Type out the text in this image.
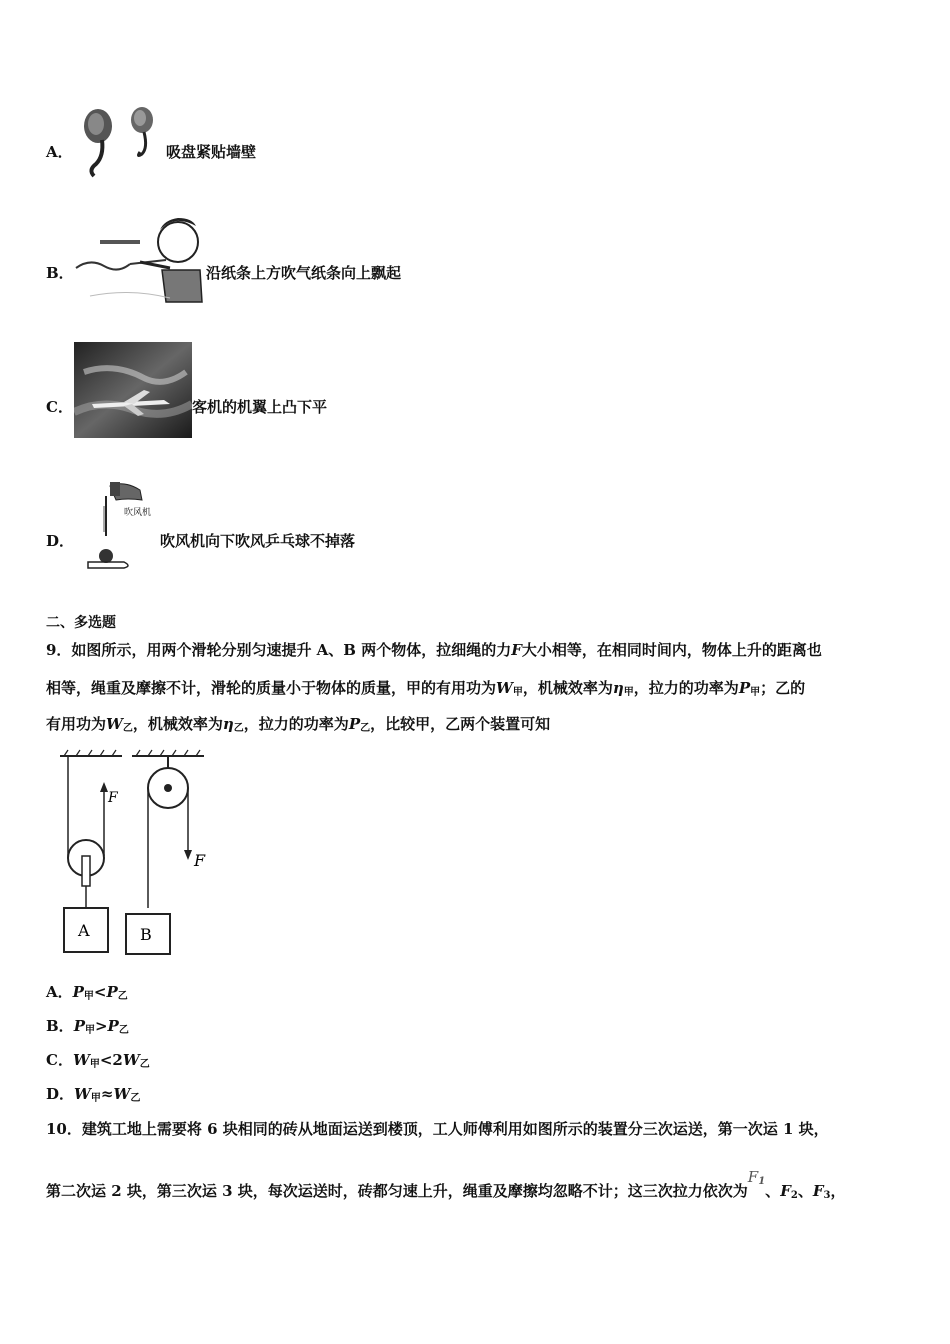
A．	吸盘紧贴墙壁
B．	沿纸条上方吹气纸条向上飘起
C．	客机的机翼上凸下平
D．
吹风机
吹风机向下吹风乒乓球不掉落
二、多选题
9．如图所示，用两个滑轮分别匀速提升 A、B 两个物体，拉细绳的力F大小相等，在相同时间内，物体上升的距离也
相等，绳重及摩擦不计，滑轮的质量小于物体的质量，甲的有用功为$W_甲$，机械效率为$\eta_甲$，拉力的功率为$P_甲$；乙的
有用功为$W_乙$，机械效率为$\eta_乙$，拉力的功率为$P_乙$，比较甲，乙两个装置可知
F
A
F
B
A．$P_甲<P_乙$
B．$P_甲>P_乙$
C．$W_甲<2W_乙$
D．$W_甲\approx W_乙$
10．建筑工地上需要将 6 块相同的砖从地面运送到楼顶，工人师傅利用如图所示的装置分三次运送，第一次运 1 块，
第二次运 2 块，第三次运 3 块，每次运送时，砖都匀速上升，绳重及摩擦均忽略不计；这三次拉力依次为$F_1$、$F_2$、$F_3$，
